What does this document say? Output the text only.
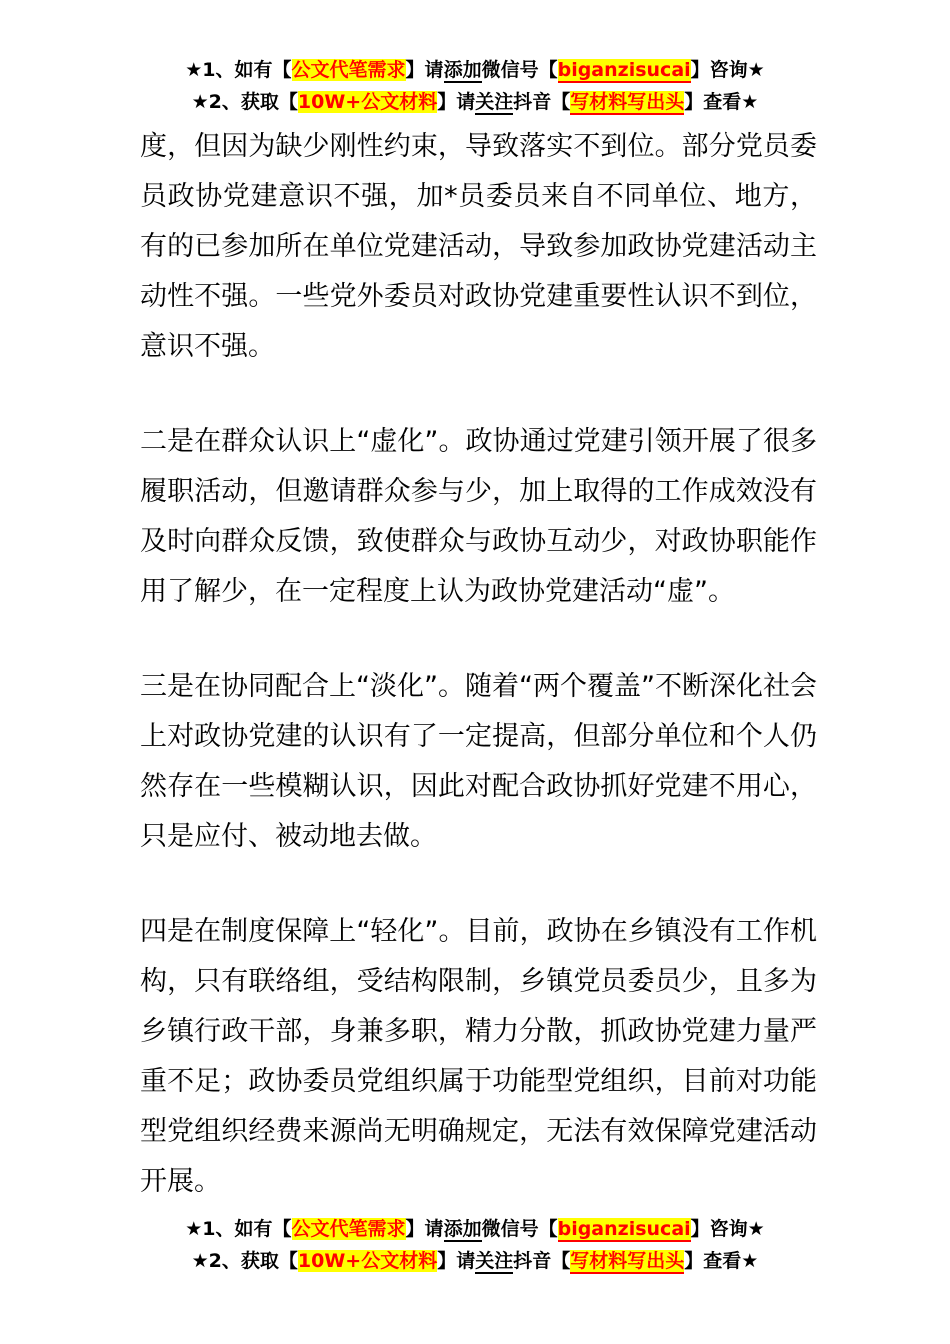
★1、如有【公文代笔需求】请添加微信号【biganzisucai】咨询★
★2、获取【10W+公文材料】请关注抖音【写材料写出头】查看★

度，但因为缺少刚性约束，导致落实不到位。部分党员委员政协党建意识不强，加*员委员来自不同单位、地方，有的已参加所在单位党建活动，导致参加政协党建活动主动性不强。一些党外委员对政协党建重要性认识不到位，意识不强。

二是在群众认识上“虚化”。政协通过党建引领开展了很多履职活动，但邀请群众参与少，加上取得的工作成效没有及时向群众反馈，致使群众与政协互动少，对政协职能作用了解少，在一定程度上认为政协党建活动“虚”。

三是在协同配合上“淡化”。随着“两个覆盖”不断深化社会上对政协党建的认识有了一定提高，但部分单位和个人仍然存在一些模糊认识，因此对配合政协抓好党建不用心，只是应付、被动地去做。

四是在制度保障上“轻化”。目前，政协在乡镇没有工作机构，只有联络组，受结构限制，乡镇党员委员少，且多为乡镇行政干部，身兼多职，精力分散，抓政协党建力量严重不足；政协委员党组织属于功能型党组织，目前对功能型党组织经费来源尚无明确规定，无法有效保障党建活动开展。

★1、如有【公文代笔需求】请添加微信号【biganzisucai】咨询★
★2、获取【10W+公文材料】请关注抖音【写材料写出头】查看★
